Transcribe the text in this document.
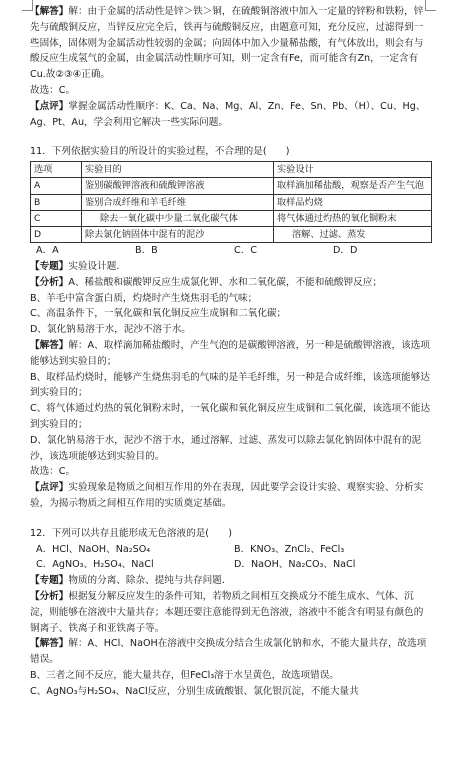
【解答】解：由于金属的活动性是锌＞铁＞铜，在硫酸铜溶液中加入一定量的锌粉和铁粉，锌先与硫酸铜反应，当锌反应完全后，铁再与硫酸铜反应，由题意可知，充分反应，过滤得到一些固体，固体则为金属活动性较弱的金属；向固体中加入少量稀盐酸，有气体放出，则会有与酸反应生成氢气的金属，由金属活动性顺序可知，则一定含有Fe，而可能含有Zn，一定含有Cu.故②③④正确。

故选：C。

【点评】掌握金属活动性顺序：K、Ca、Na、Mg、Al、Zn、Fe、Sn、Pb、（H）、Cu、Hg、Ag、Pt、Au，学会利用它解决一些实际问题。

11．下列依据实验目的所设计的实验过程，不合理的是(　　)

选项	实验目的	实验设计
A	鉴别碳酸钾溶液和硫酸钾溶液	取样滴加稀盐酸，观察是否产生气泡
B	鉴别合成纤维和羊毛纤维	取样品灼烧
C	除去一氧化碳中少量二氧化碳气体	将气体通过灼热的氧化铜粉末
D	除去氯化钠固体中混有的泥沙	溶解、过滤、蒸发
A．A	B．B	C．C	D．D

【专题】实验设计题．

【分析】A、稀盐酸和碳酸钾反应生成氯化钾、水和二氧化碳，不能和硫酸钾反应；

B、羊毛中富含蛋白质，灼烧时产生烧焦羽毛的气味；

C、高温条件下，一氧化碳和氧化铜反应生成铜和二氧化碳；

D、氯化钠易溶于水，泥沙不溶于水。

【解答】解：A、取样滴加稀盐酸时，产生气泡的是碳酸钾溶液，另一种是硫酸钾溶液，该选项能够达到实验目的；

B、取样品灼烧时，能够产生烧焦羽毛的气味的是羊毛纤维，另一种是合成纤维，该选项能够达到实验目的；

C、将气体通过灼热的氧化铜粉末时，一氧化碳和氧化铜反应生成铜和二氧化碳，该选项不能达到实验目的；

D、氯化钠易溶于水，泥沙不溶于水，通过溶解、过滤、蒸发可以除去氯化钠固体中混有的泥沙，该选项能够达到实验目的。

故选：C。

【点评】实验现象是物质之间相互作用的外在表现，因此要学会设计实验、观察实验、分析实验，为揭示物质之间相互作用的实质奠定基础。

12．下列可以共存且能形成无色溶液的是(　　)

A．HCl、NaOH、Na₂SO₄	B．KNO₃、ZnCl₂、FeCl₃
C．AgNO₃、H₂SO₄、NaCl	D．NaOH、Na₂CO₃、NaCl

【专题】物质的分离、除杂、提纯与共存问题．

【分析】根据复分解反应发生的条件可知，若物质之间相互交换成分不能生成水、气体、沉淀，则能够在溶液中大量共存；本题还要注意能得到无色溶液，溶液中不能含有明显有颜色的铜离子、铁离子和亚铁离子等。

【解答】解：A、HCl、NaOH在溶液中交换成分结合生成氯化钠和水，不能大量共存，故选项错误。

B、三者之间不反应，能大量共存，但FeCl₃溶于水呈黄色，故选项错误。

C、AgNO₃与H₂SO₄、NaCl反应，分别生成硫酸银、氯化银沉淀，不能大量共
